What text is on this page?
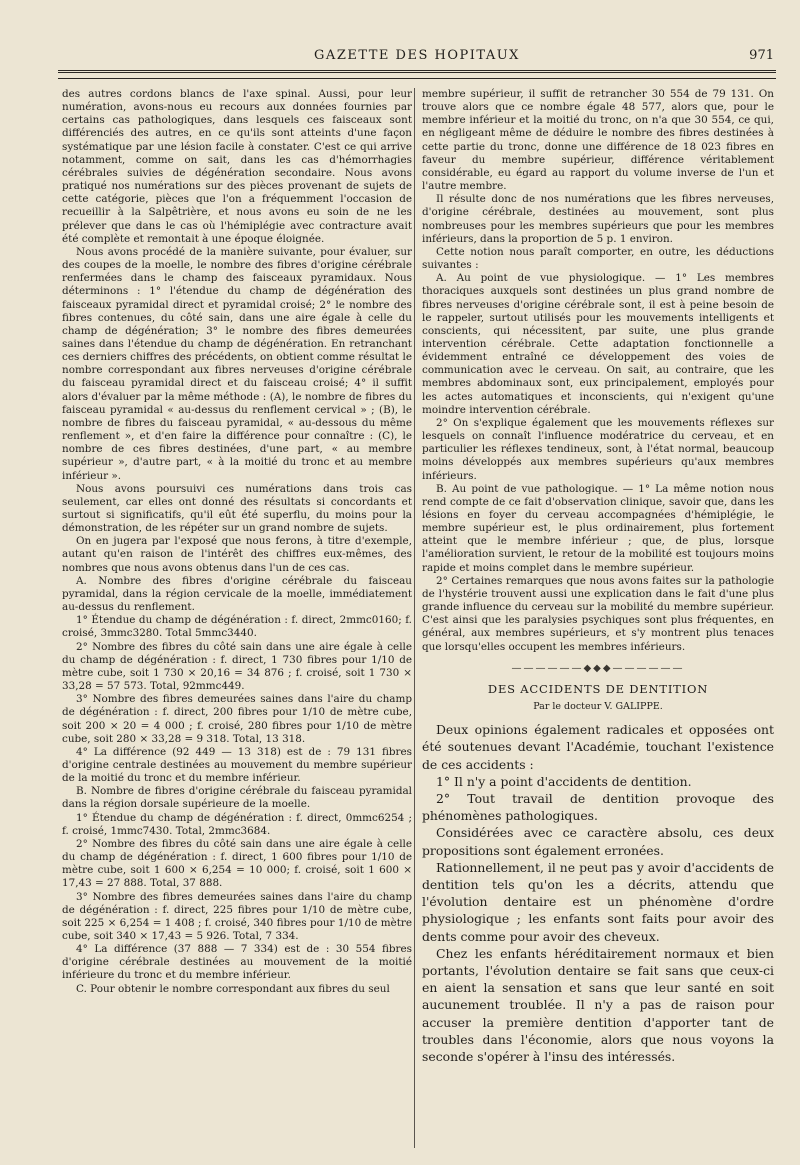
GAZETTE DES HOPITAUX	971

des autres cordons blancs de l'axe spinal. Aussi, pour leur numération, avons-nous eu recours aux données fournies par certains cas pathologiques, dans lesquels ces faisceaux sont différenciés des autres, en ce qu'ils sont atteints d'une façon systématique par une lésion facile à constater. C'est ce qui arrive notamment, comme on sait, dans les cas d'hémorrhagies cérébrales suivies de dégénération secondaire. Nous avons pratiqué nos numérations sur des pièces provenant de sujets de cette catégorie, pièces que l'on a fréquemment l'occasion de recueillir à la Salpêtrière, et nous avons eu soin de ne les prélever que dans le cas où l'hémiplégie avec contracture avait été complète et remontait à une époque éloignée.

Nous avons procédé de la manière suivante, pour évaluer, sur des coupes de la moelle, le nombre des fibres d'origine cérébrale renfermées dans le champ des faisceaux pyramidaux. Nous déterminons : 1° l'étendue du champ de dégénération des faisceaux pyramidal direct et pyramidal croisé; 2° le nombre des fibres contenues, du côté sain, dans une aire égale à celle du champ de dégénération; 3° le nombre des fibres demeurées saines dans l'étendue du champ de dégénération. En retranchant ces derniers chiffres des précédents, on obtient comme résultat le nombre correspondant aux fibres nerveuses d'origine cérébrale du faisceau pyramidal direct et du faisceau croisé; 4° il suffit alors d'évaluer par la même méthode : (A), le nombre de fibres du faisceau pyramidal « au-dessus du renflement cervical » ; (B), le nombre de fibres du faisceau pyramidal, « au-dessous du même renflement », et d'en faire la différence pour connaître : (C), le nombre de ces fibres destinées, d'une part, « au membre supérieur », d'autre part, « à la moitié du tronc et au membre inférieur ».

Nous avons poursuivi ces numérations dans trois cas seulement, car elles ont donné des résultats si concordants et surtout si significatifs, qu'il eût été superflu, du moins pour la démonstration, de les répéter sur un grand nombre de sujets.

On en jugera par l'exposé que nous ferons, à titre d'exemple, autant qu'en raison de l'intérêt des chiffres eux-mêmes, des nombres que nous avons obtenus dans l'un de ces cas.

A. Nombre des fibres d'origine cérébrale du faisceau pyramidal, dans la région cervicale de la moelle, immédiatement au-dessus du renflement.

1° Étendue du champ de dégénération : f. direct, 2mmc0160; f. croisé, 3mmc3280. Total 5mmc3440.

2° Nombre des fibres du côté sain dans une aire égale à celle du champ de dégénération : f. direct, 1 730 fibres pour 1/10 de mètre cube, soit 1 730 × 20,16 = 34 876 ; f. croisé, soit 1 730 × 33,28 = 57 573. Total, 92mmc449.

3° Nombre des fibres demeurées saines dans l'aire du champ de dégénération : f. direct, 200 fibres pour 1/10 de mètre cube, soit 200 × 20 = 4 000 ; f. croisé, 280 fibres pour 1/10 de mètre cube, soit 280 × 33,28 = 9 318. Total, 13 318.

4° La différence (92 449 — 13 318) est de : 79 131 fibres d'origine centrale destinées au mouvement du membre supérieur de la moitié du tronc et du membre inférieur.

B. Nombre de fibres d'origine cérébrale du faisceau pyramidal dans la région dorsale supérieure de la moelle.

1° Étendue du champ de dégénération : f. direct, 0mmc6254 ; f. croisé, 1mmc7430. Total, 2mmc3684.

2° Nombre des fibres du côté sain dans une aire égale à celle du champ de dégénération : f. direct, 1 600 fibres pour 1/10 de mètre cube, soit 1 600 × 6,254 = 10 000; f. croisé, soit 1 600 × 17,43 = 27 888. Total, 37 888.

3° Nombre des fibres demeurées saines dans l'aire du champ de dégénération : f. direct, 225 fibres pour 1/10 de mètre cube, soit 225 × 6,254 = 1 408 ; f. croisé, 340 fibres pour 1/10 de mètre cube, soit 340 × 17,43 = 5 926. Total, 7 334.

4° La différence (37 888 — 7 334) est de : 30 554 fibres d'origine cérébrale destinées au mouvement de la moitié inférieure du tronc et du membre inférieur.

C. Pour obtenir le nombre correspondant aux fibres du seul

membre supérieur, il suffit de retrancher 30 554 de 79 131. On trouve alors que ce nombre égale 48 577, alors que, pour le membre inférieur et la moitié du tronc, on n'a que 30 554, ce qui, en négligeant même de déduire le nombre des fibres destinées à cette partie du tronc, donne une différence de 18 023 fibres en faveur du membre supérieur, différence véritablement considérable, eu égard au rapport du volume inverse de l'un et l'autre membre.

Il résulte donc de nos numérations que les fibres nerveuses, d'origine cérébrale, destinées au mouvement, sont plus nombreuses pour les membres supérieurs que pour les membres inférieurs, dans la proportion de 5 p. 1 environ.

Cette notion nous paraît comporter, en outre, les déductions suivantes :

A. Au point de vue physiologique. — 1° Les membres thoraciques auxquels sont destinées un plus grand nombre de fibres nerveuses d'origine cérébrale sont, il est à peine besoin de le rappeler, surtout utilisés pour les mouvements intelligents et conscients, qui nécessitent, par suite, une plus grande intervention cérébrale. Cette adaptation fonctionnelle a évidemment entraîné ce développement des voies de communication avec le cerveau. On sait, au contraire, que les membres abdominaux sont, eux principalement, employés pour les actes automatiques et inconscients, qui n'exigent qu'une moindre intervention cérébrale.

2° On s'explique également que les mouvements réflexes sur lesquels on connaît l'influence modératrice du cerveau, et en particulier les réflexes tendineux, sont, à l'état normal, beaucoup moins développés aux membres supérieurs qu'aux membres inférieurs.

B. Au point de vue pathologique. — 1° La même notion nous rend compte de ce fait d'observation clinique, savoir que, dans les lésions en foyer du cerveau accompagnées d'hémiplégie, le membre supérieur est, le plus ordinairement, plus fortement atteint que le membre inférieur ; que, de plus, lorsque l'amélioration survient, le retour de la mobilité est toujours moins rapide et moins complet dans le membre supérieur.

2° Certaines remarques que nous avons faites sur la pathologie de l'hystérie trouvent aussi une explication dans le fait d'une plus grande influence du cerveau sur la mobilité du membre supérieur. C'est ainsi que les paralysies psychiques sont plus fréquentes, en général, aux membres supérieurs, et s'y montrent plus tenaces que lorsqu'elles occupent les membres inférieurs.

——————◆◆◆——————
DES ACCIDENTS DE DENTITION
Par le docteur V. GALIPPE.

Deux opinions également radicales et opposées ont été soutenues devant l'Académie, touchant l'existence de ces accidents :

1° Il n'y a point d'accidents de dentition.

2° Tout travail de dentition provoque des phénomènes pathologiques.

Considérées avec ce caractère absolu, ces deux propositions sont également erronées.

Rationnellement, il ne peut pas y avoir d'accidents de dentition tels qu'on les a décrits, attendu que l'évolution dentaire est un phénomène d'ordre physiologique ; les enfants sont faits pour avoir des dents comme pour avoir des cheveux.

Chez les enfants héréditairement normaux et bien portants, l'évolution dentaire se fait sans que ceux-ci en aient la sensation et sans que leur santé en soit aucunement troublée. Il n'y a pas de raison pour accuser la première dentition d'apporter tant de troubles dans l'économie, alors que nous voyons la seconde s'opérer à l'insu des intéressés.
